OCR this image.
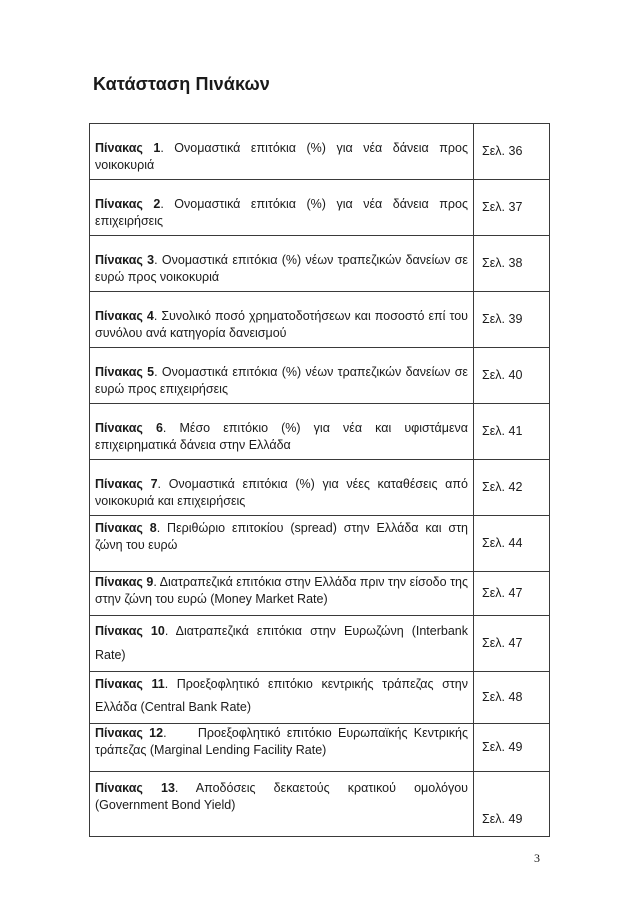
Κατάσταση Πινάκων
Πίνακας 1. Ονομαστικά επιτόκια (%) για νέα δάνεια προς νοικοκυριά	Σελ. 36
Πίνακας 2. Ονομαστικά επιτόκια (%) για νέα δάνεια προς επιχειρήσεις	Σελ. 37
Πίνακας 3. Ονομαστικά επιτόκια (%) νέων τραπεζικών δανείων σε ευρώ προς νοικοκυριά	Σελ. 38
Πίνακας 4. Συνολικό ποσό χρηματοδοτήσεων και ποσοστό επί του συνόλου ανά κατηγορία δανεισμού	Σελ. 39
Πίνακας 5. Ονομαστικά επιτόκια (%) νέων τραπεζικών δανείων σε ευρώ προς επιχειρήσεις	Σελ. 40
Πίνακας 6. Μέσο επιτόκιο (%) για νέα και υφιστάμενα επιχειρηματικά δάνεια στην Ελλάδα	Σελ. 41
Πίνακας 7. Ονομαστικά επιτόκια (%) για νέες καταθέσεις από νοικοκυριά και επιχειρήσεις	Σελ. 42
Πίνακας 8. Περιθώριο επιτοκίου (spread) στην Ελλάδα και στη ζώνη του ευρώ	Σελ. 44
Πίνακας 9. Διατραπεζικά επιτόκια στην Ελλάδα πριν την είσοδο της στην ζώνη του ευρώ (Money Market Rate)	Σελ. 47
Πίνακας 10. Διατραπεζικά επιτόκια στην Ευρωζώνη (Interbank Rate)	Σελ. 47
Πίνακας 11. Προεξοφλητικό επιτόκιο κεντρικής τράπεζας στην Ελλάδα (Central Bank Rate)	Σελ. 48
Πίνακας 12.     Προεξοφλητικό επιτόκιο Ευρωπαϊκής Κεντρικής τράπεζας (Marginal Lending Facility Rate)	Σελ. 49
Πίνακας 13. Αποδόσεις δεκαετούς κρατικού ομολόγου (Government Bond Yield)	Σελ. 49

3
